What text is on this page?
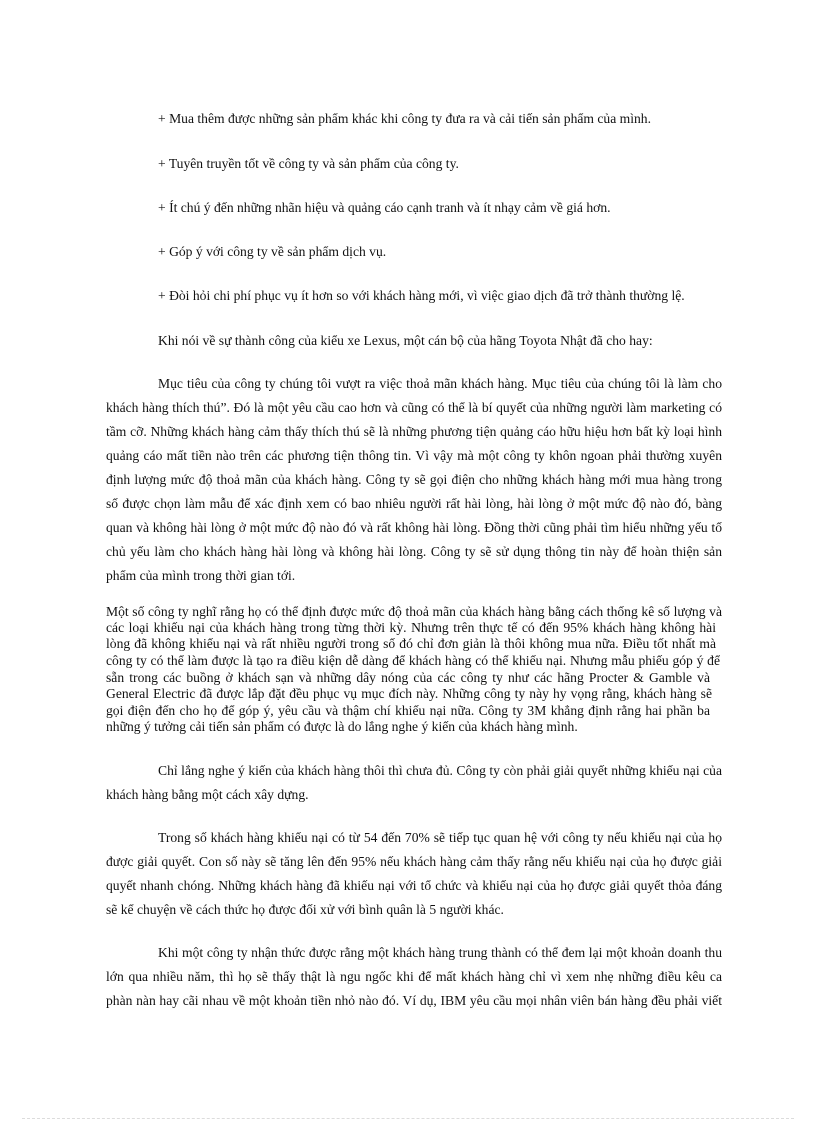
+ Mua thêm được những sản phẩm khác khi công ty đưa ra và cải tiến sản phẩm của mình.
+ Tuyên truyền tốt về công ty và sản phẩm của công ty.
+ Ít chú ý đến những nhãn hiệu và quảng cáo cạnh tranh và ít nhạy cảm về giá hơn.
+ Góp ý với công ty về sản phẩm dịch vụ.
+ Đòi hỏi chi phí phục vụ ít hơn so với khách hàng mới, vì việc giao dịch đã trở thành thường lệ.
Khi nói về sự thành công của kiểu xe Lexus, một cán bộ của hãng Toyota Nhật đã cho hay:
Mục tiêu của công ty chúng tôi vượt ra việc thoả mãn khách hàng. Mục tiêu của chúng tôi là làm cho
khách hàng thích thú”. Đó là một yêu cầu cao hơn và cũng có thể là bí quyết của những người làm marketing có
tầm cỡ. Những khách hàng cảm thấy thích thú sẽ là những phương tiện quảng cáo hữu hiệu hơn bất kỳ loại hình
quảng cáo mất tiền nào trên các phương tiện thông tin. Vì vậy mà một công ty khôn ngoan phải thường xuyên
định lượng mức độ thoả mãn của khách hàng. Công ty sẽ gọi điện cho những khách hàng mới mua hàng trong
số được chọn làm mẫu để xác định xem có bao nhiêu người rất hài lòng, hài lòng ở một mức độ nào đó, bàng
quan và không hài lòng ở một mức độ nào đó và rất không hài lòng. Đồng thời cũng phải tìm hiểu những yếu tố
chủ yếu làm cho khách hàng hài lòng và không hài lòng. Công ty sẽ sử dụng thông tin này để hoàn thiện sản
phẩm của mình trong thời gian tới.
Một số công ty nghĩ rằng họ có thể định được mức độ thoả mãn của khách hàng bằng cách thống kê số lượng và
các loại khiếu nại của khách hàng trong từng thời kỳ. Nhưng trên thực tế có đến 95% khách hàng không hài
lòng đã không khiếu nại và rất nhiều người trong số đó chỉ đơn giản là thôi không mua nữa. Điều tốt nhất mà
công ty có thể làm được là tạo ra điều kiện dễ dàng để khách hàng có thể khiếu nại. Nhưng mẫu phiếu góp ý để
sẵn trong các buồng ở khách sạn và những dây nóng của các công ty như các hãng Procter & Gamble và
General Electric đã được lắp đặt đều phục vụ mục đích này. Những công ty này hy vọng rằng, khách hàng sẽ
gọi điện đến cho họ để góp ý, yêu cầu và thậm chí khiếu nại nữa. Công ty 3M khẳng định rằng hai phần ba
những ý tưởng cải tiến sản phẩm có được là do lắng nghe ý kiến của khách hàng mình.
Chỉ lắng nghe ý kiến của khách hàng thôi thì chưa đủ. Công ty còn phải giải quyết những khiếu nại của
khách hàng bằng một cách xây dựng.
Trong số khách hàng khiếu nại có từ 54 đến 70% sẽ tiếp tục quan hệ với công ty nếu khiếu nại của họ
được giải quyết. Con số này sẽ tăng lên đến 95% nếu khách hàng cảm thấy rằng nếu khiếu nại của họ được giải
quyết nhanh chóng. Những khách hàng đã khiếu nại với tổ chức và khiếu nại của họ được giải quyết thỏa đáng
sẽ kể chuyện về cách thức họ được đối xử với bình quân là 5 người khác.
Khi một công ty nhận thức được rằng một khách hàng trung thành có thể đem lại một khoản doanh thu
lớn qua nhiều năm, thì họ sẽ thấy thật là ngu ngốc khi để mất khách hàng chỉ vì xem nhẹ những điều kêu ca
phàn nàn hay cãi nhau về một khoản tiền nhỏ nào đó. Ví dụ, IBM yêu cầu mọi nhân viên bán hàng đều phải viết
